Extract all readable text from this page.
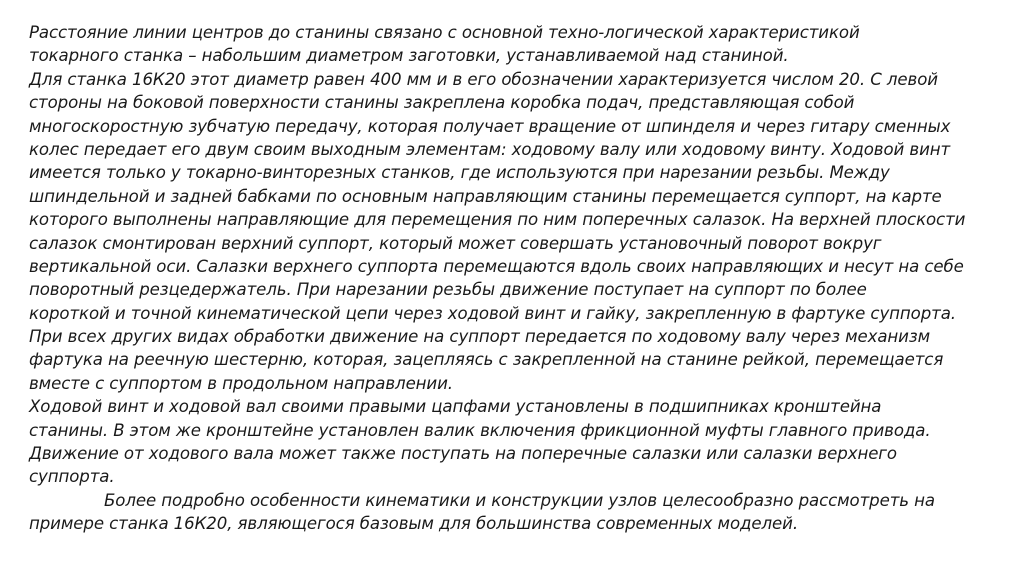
Расстояние линии центров до станины связано с основной техно-логической характеристикой
токарного станка – набольшим диаметром заготовки, устанавливаемой над станиной.
Для станка 16К20 этот диаметр равен 400 мм и в его обозначении характеризуется числом 20. С левой
стороны на боковой поверхности станины закреплена коробка подач, представляющая собой
многоскоростную зубчатую передачу, которая получает вращение от шпинделя и через гитару сменных
колес передает его двум своим выходным элементам: ходовому валу или ходовому винту. Ходовой винт
имеется только у токарно-винторезных станков, где используются при нарезании резьбы. Между
шпиндельной и задней бабками по основным направляющим станины перемещается суппорт, на карте
которого выполнены направляющие для перемещения по ним поперечных салазок. На верхней плоскости
салазок смонтирован верхний суппорт, который может совершать установочный поворот вокруг
вертикальной оси. Салазки верхнего суппорта перемещаются вдоль своих направляющих и несут на себе
поворотный резцедержатель. При нарезании резьбы движение поступает на суппорт по более
короткой и точной кинематической цепи через ходовой винт и гайку, закрепленную в фартуке суппорта.
При всех других видах обработки движение на суппорт передается по ходовому валу через механизм
фартука на реечную шестерню, которая, зацепляясь с закрепленной на станине рейкой, перемещается
вместе с суппортом в продольном направлении.
Ходовой винт и ходовой вал своими правыми цапфами установлены в подшипниках кронштейна
станины. В этом же кронштейне установлен валик включения фрикционной муфты главного привода.
Движение от ходового вала может также поступать на поперечные салазки или салазки верхнего
суппорта.
Более подробно особенности кинематики и конструкции узлов целесообразно рассмотреть на
примере станка 16К20, являющегося базовым для большинства современных моделей.
